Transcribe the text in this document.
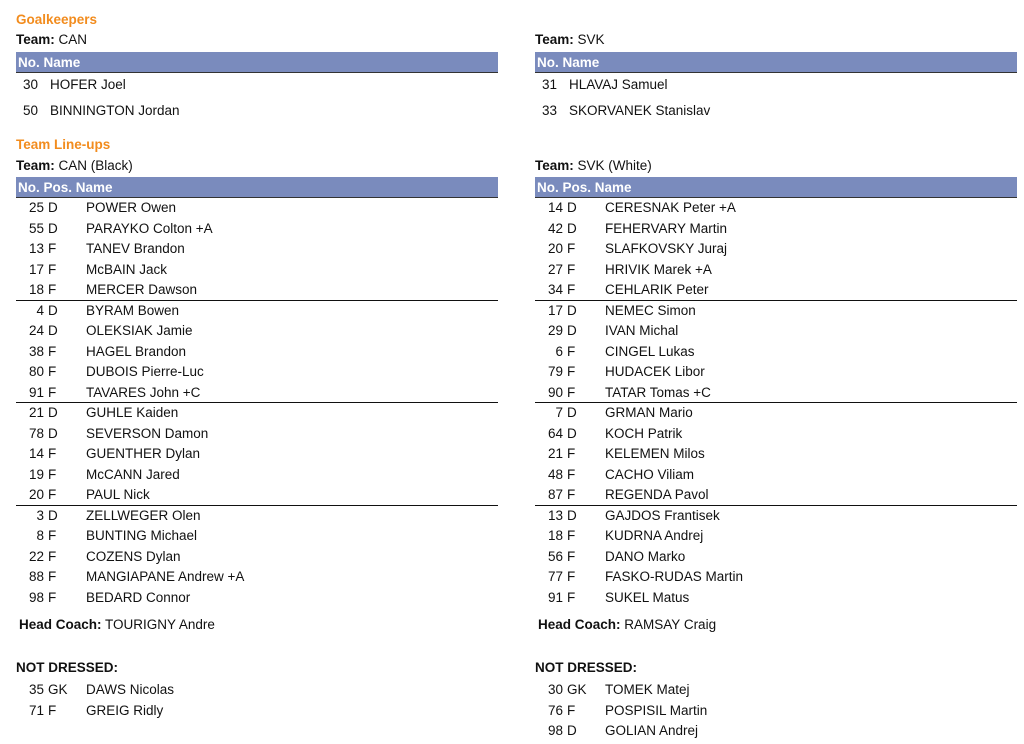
Goalkeepers
Team Line-ups
Team: CAN
No. Name
30 HOFER Joel
50 BINNINGTON Jordan
Team: CAN (Black)
No. Pos. Name
25 D POWER Owen
55 D PARAYKO Colton +A
13 F TANEV Brandon
17 F McBAIN Jack
18 F MERCER Dawson
4 D BYRAM Bowen
24 D OLEKSIAK Jamie
38 F HAGEL Brandon
80 F DUBOIS Pierre-Luc
91 F TAVARES John +C
21 D GUHLE Kaiden
78 D SEVERSON Damon
14 F GUENTHER Dylan
19 F McCANN Jared
20 F PAUL Nick
3 D ZELLWEGER Olen
8 F BUNTING Michael
22 F COZENS Dylan
88 F MANGIAPANE Andrew +A
98 F BEDARD Connor
Head Coach: TOURIGNY Andre
NOT DRESSED:
35 GK DAWS Nicolas
71 F GREIG Ridly
Team: SVK
No. Name
31 HLAVAJ Samuel
33 SKORVANEK Stanislav
Team: SVK (White)
No. Pos. Name
14 D CERESNAK Peter +A
42 D FEHERVARY Martin
20 F SLAFKOVSKY Juraj
27 F HRIVIK Marek +A
34 F CEHLARIK Peter
17 D NEMEC Simon
29 D IVAN Michal
6 F CINGEL Lukas
79 F HUDACEK Libor
90 F TATAR Tomas +C
7 D GRMAN Mario
64 D KOCH Patrik
21 F KELEMEN Milos
48 F CACHO Viliam
87 F REGENDA Pavol
13 D GAJDOS Frantisek
18 F KUDRNA Andrej
56 F DANO Marko
77 F FASKO-RUDAS Martin
91 F SUKEL Matus
Head Coach: RAMSAY Craig
NOT DRESSED:
30 GK TOMEK Matej
76 F POSPISIL Martin
98 D GOLIAN Andrej
